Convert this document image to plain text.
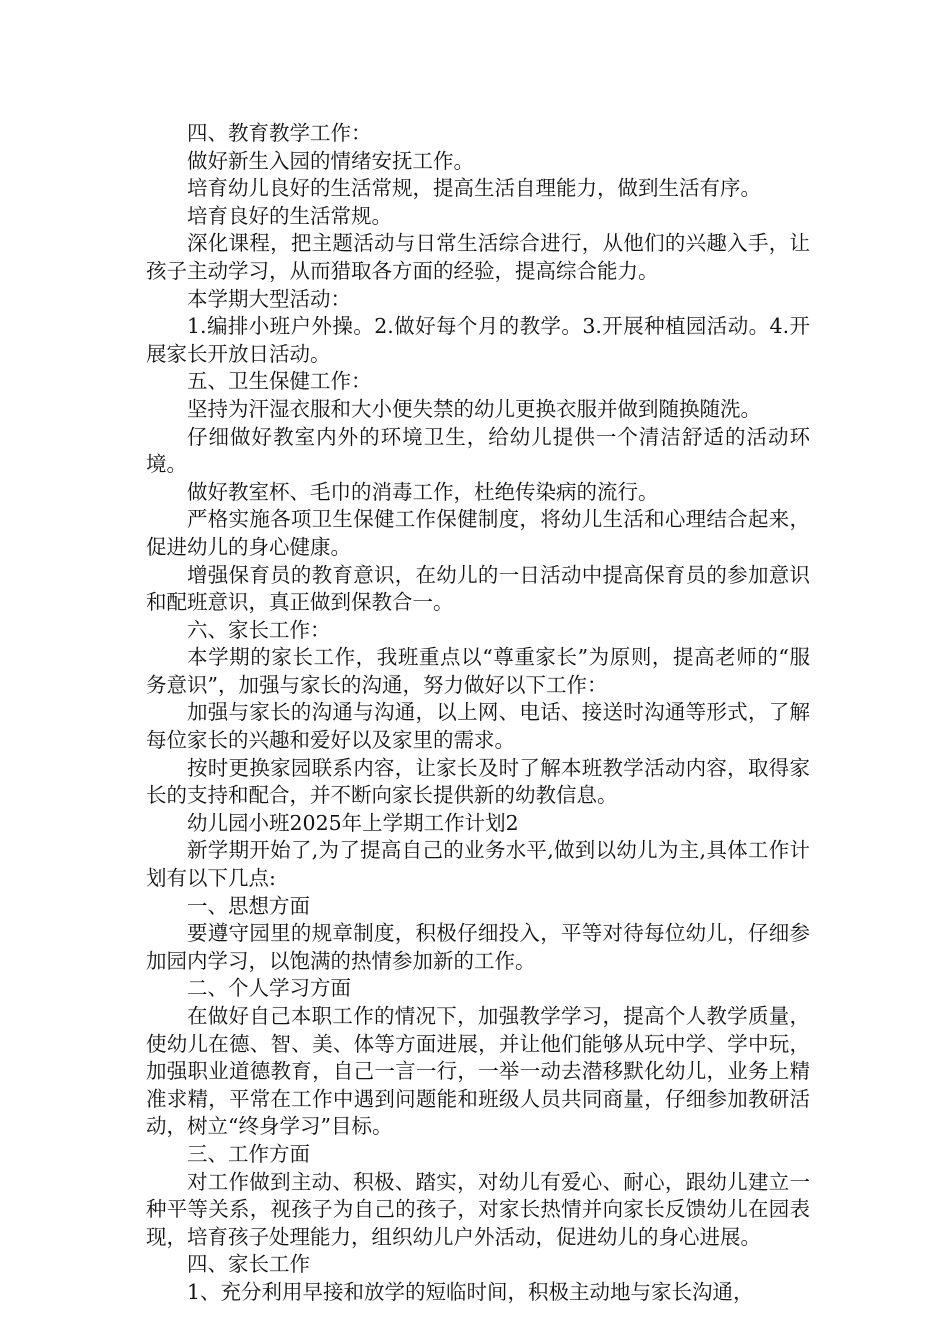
四、教育教学工作：

做好新生入园的情绪安抚工作。

培育幼儿良好的生活常规，提高生活自理能力，做到生活有序。

培育良好的生活常规。

深化课程，把主题活动与日常生活综合进行，从他们的兴趣入手，让孩子主动学习，从而猎取各方面的经验，提高综合能力。

本学期大型活动：

1.编排小班户外操。2.做好每个月的教学。3.开展种植园活动。4.开展家长开放日活动。

五、卫生保健工作：

坚持为汗湿衣服和大小便失禁的幼儿更换衣服并做到随换随洗。

仔细做好教室内外的环境卫生，给幼儿提供一个清洁舒适的活动环境。

做好教室杯、毛巾的消毒工作，杜绝传染病的流行。

严格实施各项卫生保健工作保健制度，将幼儿生活和心理结合起来，促进幼儿的身心健康。

增强保育员的教育意识，在幼儿的一日活动中提高保育员的参加意识和配班意识，真正做到保教合一。

六、家长工作：

本学期的家长工作，我班重点以“尊重家长”为原则，提高老师的“服务意识”，加强与家长的沟通，努力做好以下工作：

加强与家长的沟通与沟通，以上网、电话、接送时沟通等形式，了解每位家长的兴趣和爱好以及家里的需求。

按时更换家园联系内容，让家长及时了解本班教学活动内容，取得家长的支持和配合，并不断向家长提供新的幼教信息。

幼儿园小班2025年上学期工作计划2

新学期开始了,为了提高自己的业务水平,做到以幼儿为主,具体工作计划有以下几点:

一、思想方面

要遵守园里的规章制度，积极仔细投入，平等对待每位幼儿，仔细参加园内学习，以饱满的热情参加新的工作。

二、个人学习方面

在做好自己本职工作的情况下，加强教学学习，提高个人教学质量，使幼儿在德、智、美、体等方面进展，并让他们能够从玩中学、学中玩，加强职业道德教育，自己一言一行，一举一动去潜移默化幼儿，业务上精准求精，平常在工作中遇到问题能和班级人员共同商量，仔细参加教研活动，树立“终身学习”目标。

三、工作方面

对工作做到主动、积极、踏实，对幼儿有爱心、耐心，跟幼儿建立一种平等关系，视孩子为自己的孩子，对家长热情并向家长反馈幼儿在园表现，培育孩子处理能力，组织幼儿户外活动，促进幼儿的身心进展。

四、家长工作

1、充分利用早接和放学的短临时间，积极主动地与家长沟通，
